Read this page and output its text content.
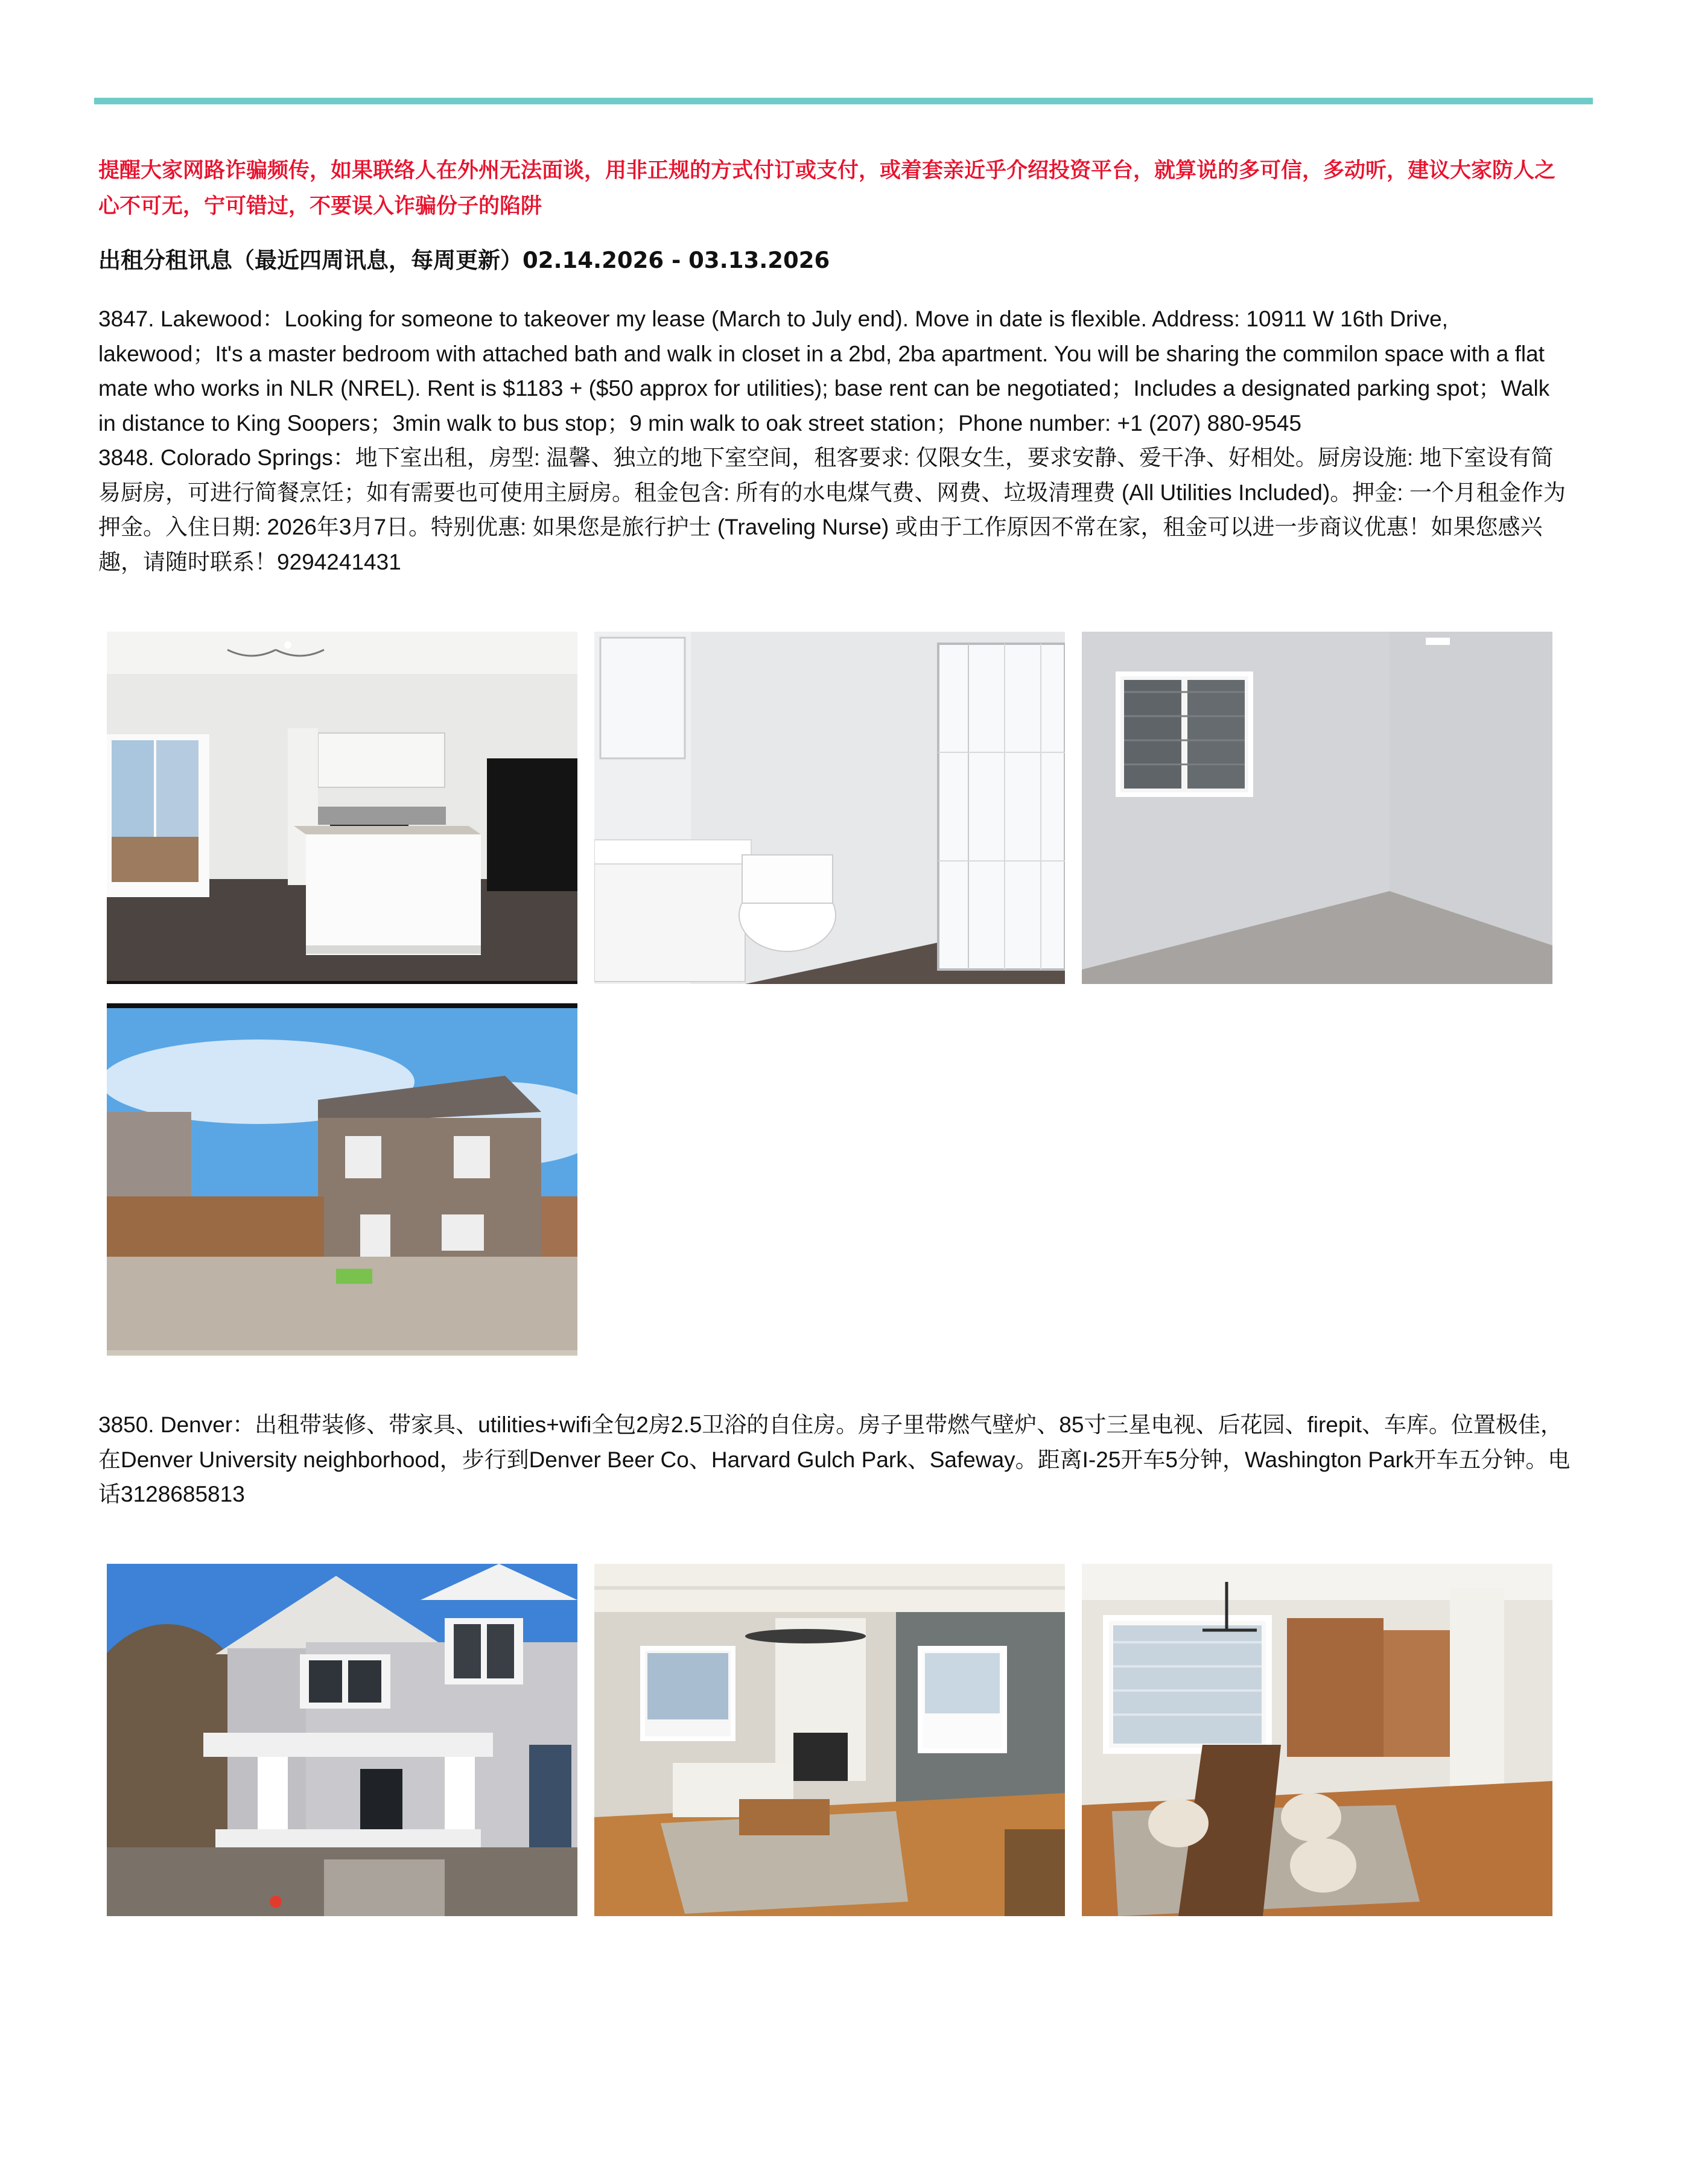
提醒大家网路诈骗频传，如果联络人在外州无法面谈，用非正规的方式付订或支付，或着套亲近乎介绍投资平台，就算说的多可信，多动听，建议大家防人之心不可无，宁可错过，不要误入诈骗份子的陷阱
出租分租讯息（最近四周讯息，每周更新）02.14.2026 - 03.13.2026

3847. Lakewood：Looking for someone to takeover my lease (March to July end). Move in date is flexible. Address: 10911 W 16th Drive, lakewood；It's a master bedroom with attached bath and walk in closet in a 2bd, 2ba apartment. You will be sharing the commilon space with a flat mate who works in NLR (NREL). Rent is $1183 + ($50 approx for utilities); base rent can be negotiated；Includes a designated parking spot；Walk in distance to King Soopers；3min walk to bus stop；9 min walk to oak street station；Phone number: +1 (207) 880-9545

3848. Colorado Springs：地下室出租，房型: 温馨、独立的地下室空间，租客要求: 仅限女生，要求安静、爱干净、好相处。厨房设施: 地下室设有简易厨房，可进行简餐烹饪；如有需要也可使用主厨房。租金包含: 所有的水电煤气费、网费、垃圾清理费 (All Utilities Included)。押金: 一个月租金作为押金。入住日期: 2026年3月7日。特别优惠: 如果您是旅行护士 (Traveling Nurse) 或由于工作原因不常在家，租金可以进一步商议优惠！如果您感兴趣，请随时联系！9294241431

3850. Denver：出租带装修、带家具、utilities+wifi全包2房2.5卫浴的自住房。房子里带燃气壁炉、85寸三星电视、后花园、firepit、车库。位置极佳，在Denver University neighborhood，步行到Denver Beer Co、Harvard Gulch Park、Safeway。距离I-25开车5分钟，Washington Park开车五分钟。电话3128685813
